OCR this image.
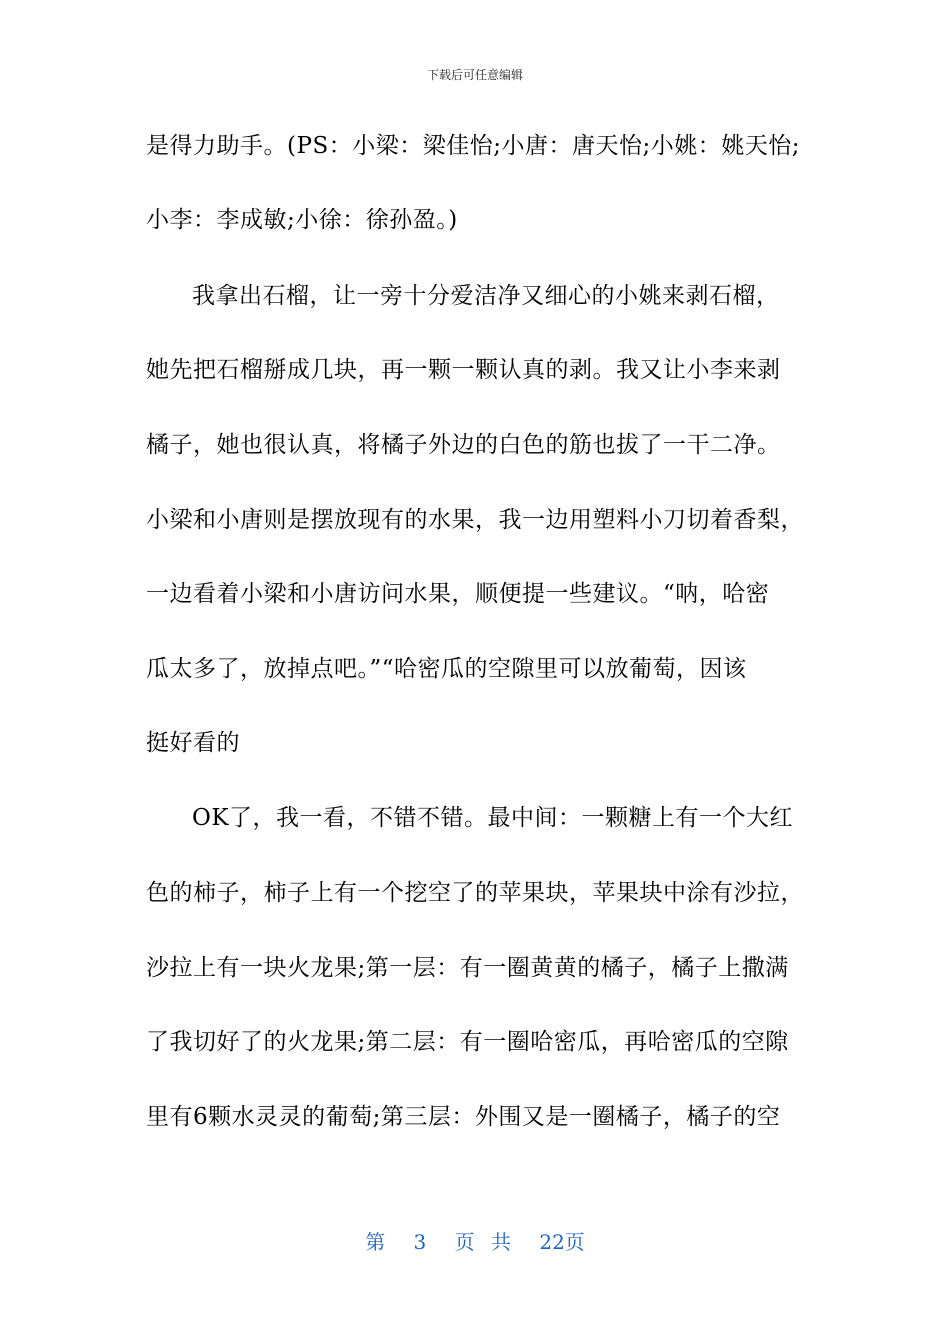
下载后可任意编辑
是得力助手。(PS：小梁：梁佳怡;小唐：唐天怡;小姚：姚天怡;
小李：李成敏;小徐：徐孙盈。)
我拿出石榴，让一旁十分爱洁净又细心的小姚来剥石榴，
她先把石榴掰成几块，再一颗一颗认真的剥。我又让小李来剥
橘子，她也很认真，将橘子外边的白色的筋也拔了一干二净。
小梁和小唐则是摆放现有的水果，我一边用塑料小刀切着香梨，
一边看着小梁和小唐访问水果，顺便提一些建议。“呐，哈密
瓜太多了，放掉点吧。”“哈密瓜的空隙里可以放葡萄，因该
挺好看的
OK了，我一看，不错不错。最中间：一颗糖上有一个大红
色的柿子，柿子上有一个挖空了的苹果块，苹果块中涂有沙拉，
沙拉上有一块火龙果;第一层：有一圈黄黄的橘子，橘子上撒满
了我切好了的火龙果;第二层：有一圈哈密瓜，再哈密瓜的空隙
里有6颗水灵灵的葡萄;第三层：外围又是一圈橘子，橘子的空
第 3 页 共 22页
